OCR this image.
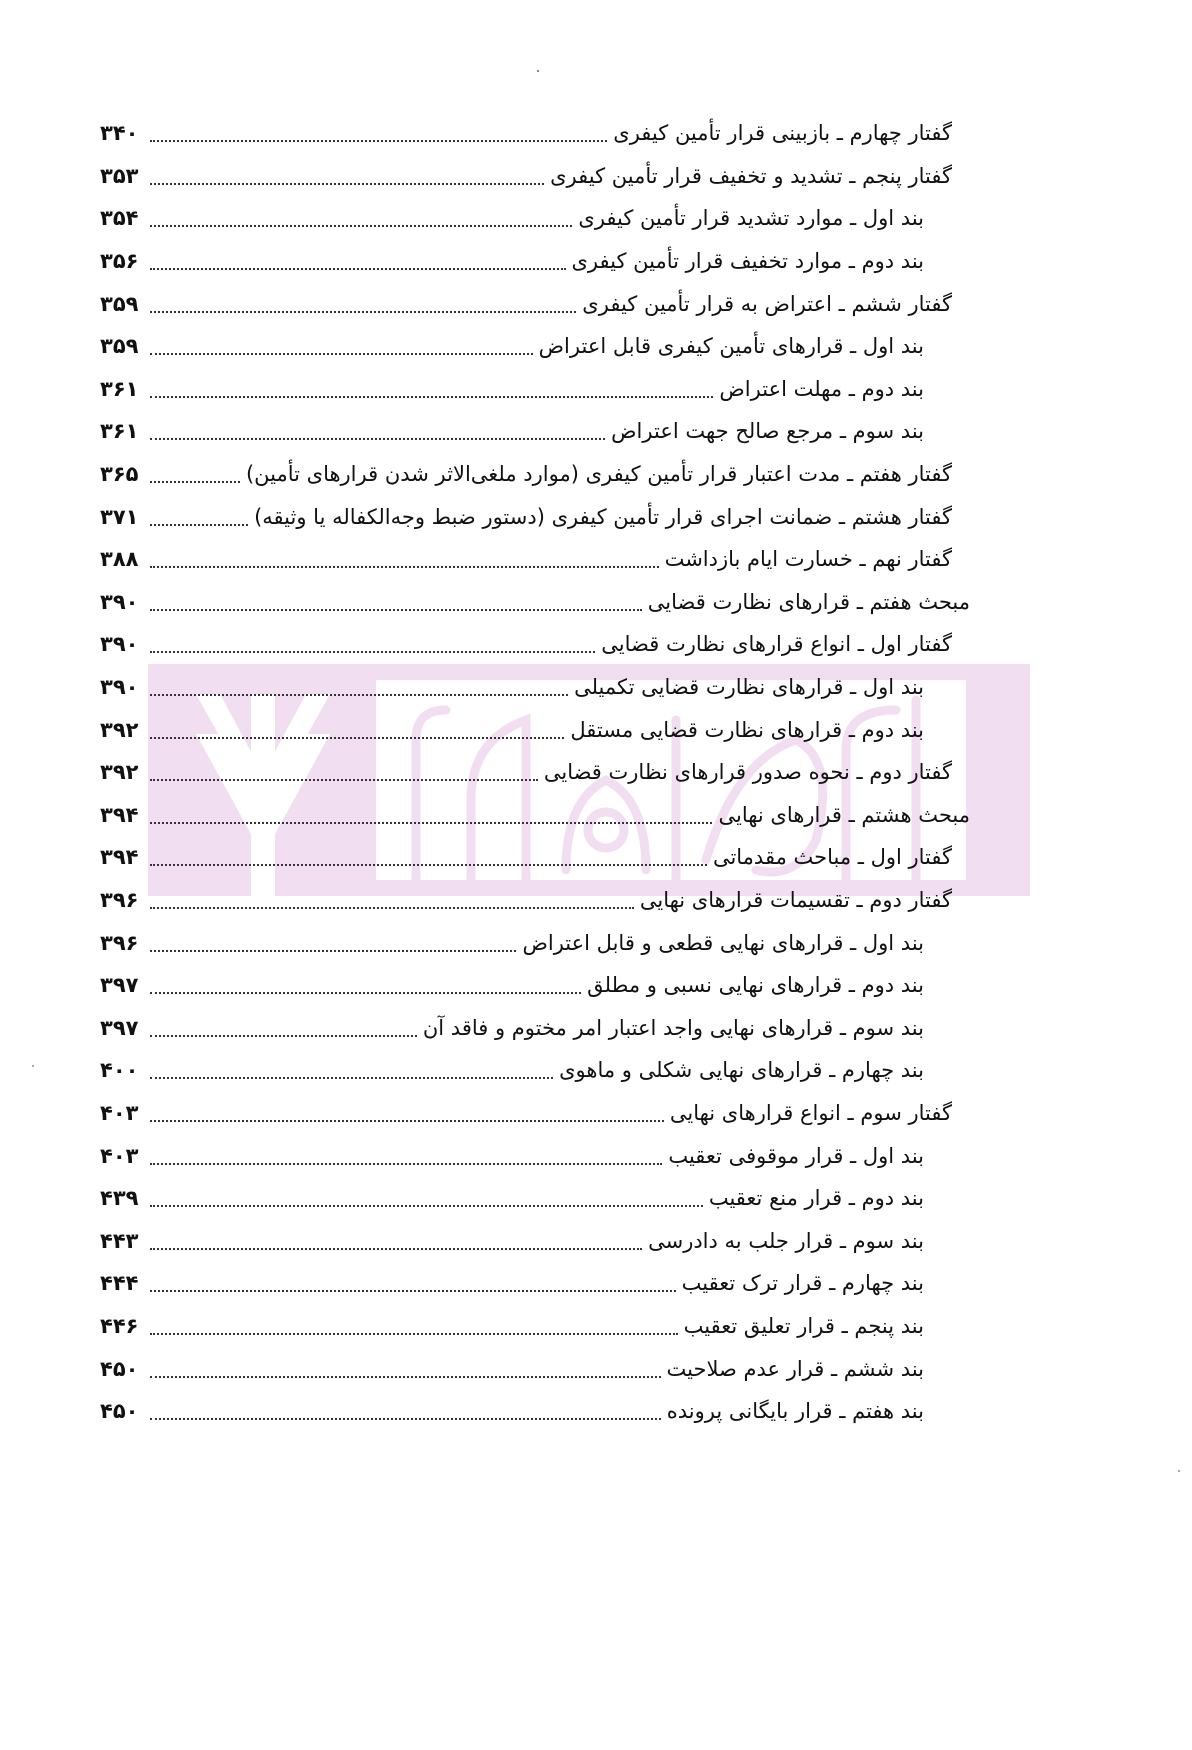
۳۴۰	گفتار چهارم ـ بازبینی قرار تأمین کیفری
۳۵۳	گفتار پنجم ـ تشدید و تخفیف قرار تأمین کیفری
۳۵۴	بند اول ـ موارد تشدید قرار تأمین کیفری
۳۵۶	بند دوم ـ موارد تخفیف قرار تأمین کیفری
۳۵۹	گفتار ششم ـ اعتراض به قرار تأمین کیفری
۳۵۹	بند اول ـ قرارهای تأمین کیفری قابل اعتراض
۳۶۱	بند دوم ـ مهلت اعتراض
۳۶۱	بند سوم ـ مرجع صالح جهت اعتراض
۳۶۵	گفتار هفتم ـ مدت اعتبار قرار تأمین کیفری (موارد ملغی‌الاثر شدن قرارهای تأمین)
۳۷۱	گفتار هشتم ـ ضمانت اجرای قرار تأمین کیفری (دستور ضبط وجه‌الکفاله یا وثیقه)
۳۸۸	گفتار نهم ـ خسارت ایام بازداشت
۳۹۰	مبحث هفتم ـ قرارهای نظارت قضایی
۳۹۰	گفتار اول ـ انواع قرارهای نظارت قضایی
۳۹۰	بند اول ـ قرارهای نظارت قضایی تکمیلی
۳۹۲	بند دوم ـ قرارهای نظارت قضایی مستقل
۳۹۲	گفتار دوم ـ نحوه صدور قرارهای نظارت قضایی
۳۹۴	مبحث هشتم ـ قرارهای نهایی
۳۹۴	گفتار اول ـ مباحث مقدماتی
۳۹۶	گفتار دوم ـ تقسیمات قرارهای نهایی
۳۹۶	بند اول ـ قرارهای نهایی قطعی و قابل اعتراض
۳۹۷	بند دوم ـ قرارهای نهایی نسبی و مطلق
۳۹۷	بند سوم ـ قرارهای نهایی واجد اعتبار امر مختوم و فاقد آن
۴۰۰	بند چهارم ـ قرارهای نهایی شکلی و ماهوی
۴۰۳	گفتار سوم ـ انواع قرارهای نهایی
۴۰۳	بند اول ـ قرار موقوفی تعقیب
۴۳۹	بند دوم ـ قرار منع تعقیب
۴۴۳	بند سوم ـ قرار جلب به دادرسی
۴۴۴	بند چهارم ـ قرار ترک تعقیب
۴۴۶	بند پنجم ـ قرار تعلیق تعقیب
۴۵۰	بند ششم ـ قرار عدم صلاحیت
۴۵۰	بند هفتم ـ قرار بایگانی پرونده
